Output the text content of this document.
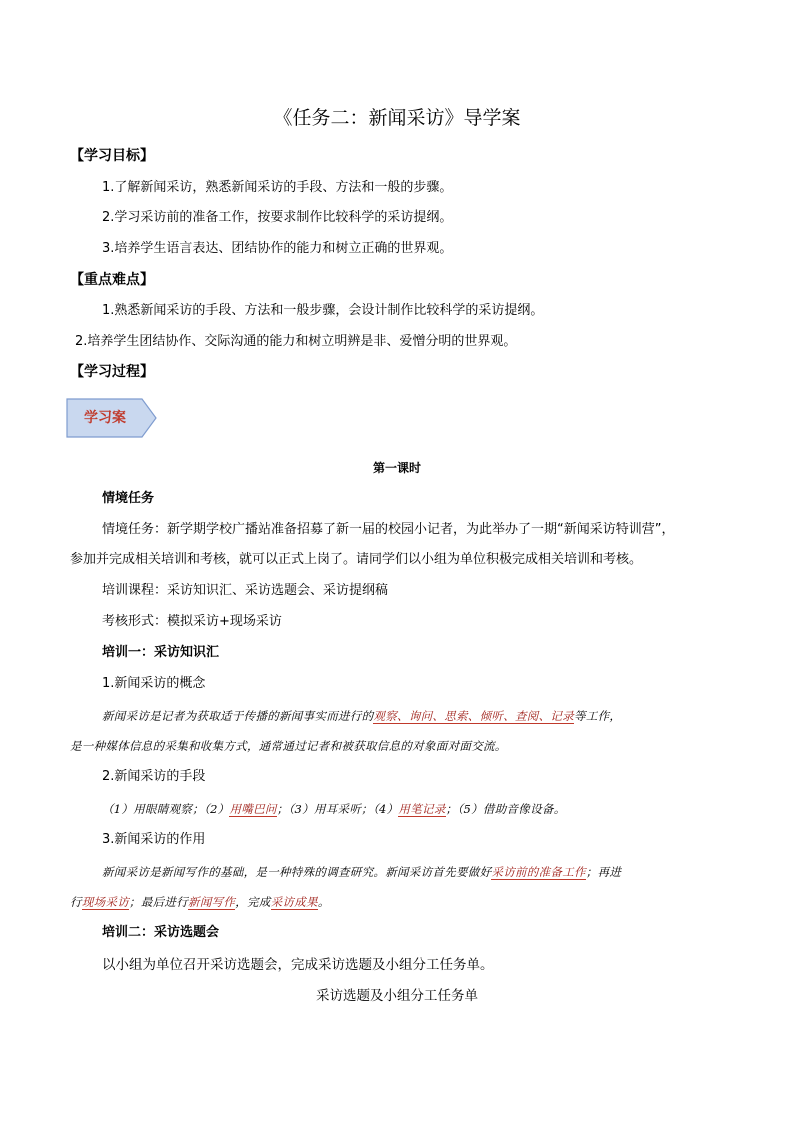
《任务二：新闻采访》导学案
【学习目标】
1.了解新闻采访，熟悉新闻采访的手段、方法和一般的步骤。
2.学习采访前的准备工作，按要求制作比较科学的采访提纲。
3.培养学生语言表达、团结协作的能力和树立正确的世界观。
【重点难点】
1.熟悉新闻采访的手段、方法和一般步骤，会设计制作比较科学的采访提纲。
2.培养学生团结协作、交际沟通的能力和树立明辨是非、爱憎分明的世界观。
【学习过程】
学习案
第一课时
情境任务
情境任务：新学期学校广播站准备招募了新一届的校园小记者，为此举办了一期“新闻采访特训营”，
参加并完成相关培训和考核，就可以正式上岗了。请同学们以小组为单位积极完成相关培训和考核。
培训课程：采访知识汇、采访选题会、采访提纲稿
考核形式：模拟采访+现场采访
培训一：采访知识汇
1.新闻采访的概念
新闻采访是记者为获取适于传播的新闻事实而进行的观察、询问、思索、倾听、查阅、记录等工作，
是一种媒体信息的采集和收集方式，通常通过记者和被获取信息的对象面对面交流。
2.新闻采访的手段
（1）用眼睛观察；（2）用嘴巴问；（3）用耳采听；（4）用笔记录；（5）借助音像设备。
3.新闻采访的作用
新闻采访是新闻写作的基础，是一种特殊的调查研究。新闻采访首先要做好采访前的准备工作；再进
行现场采访；最后进行新闻写作，完成采访成果。
培训二：采访选题会
以小组为单位召开采访选题会，完成采访选题及小组分工任务单。
采访选题及小组分工任务单
